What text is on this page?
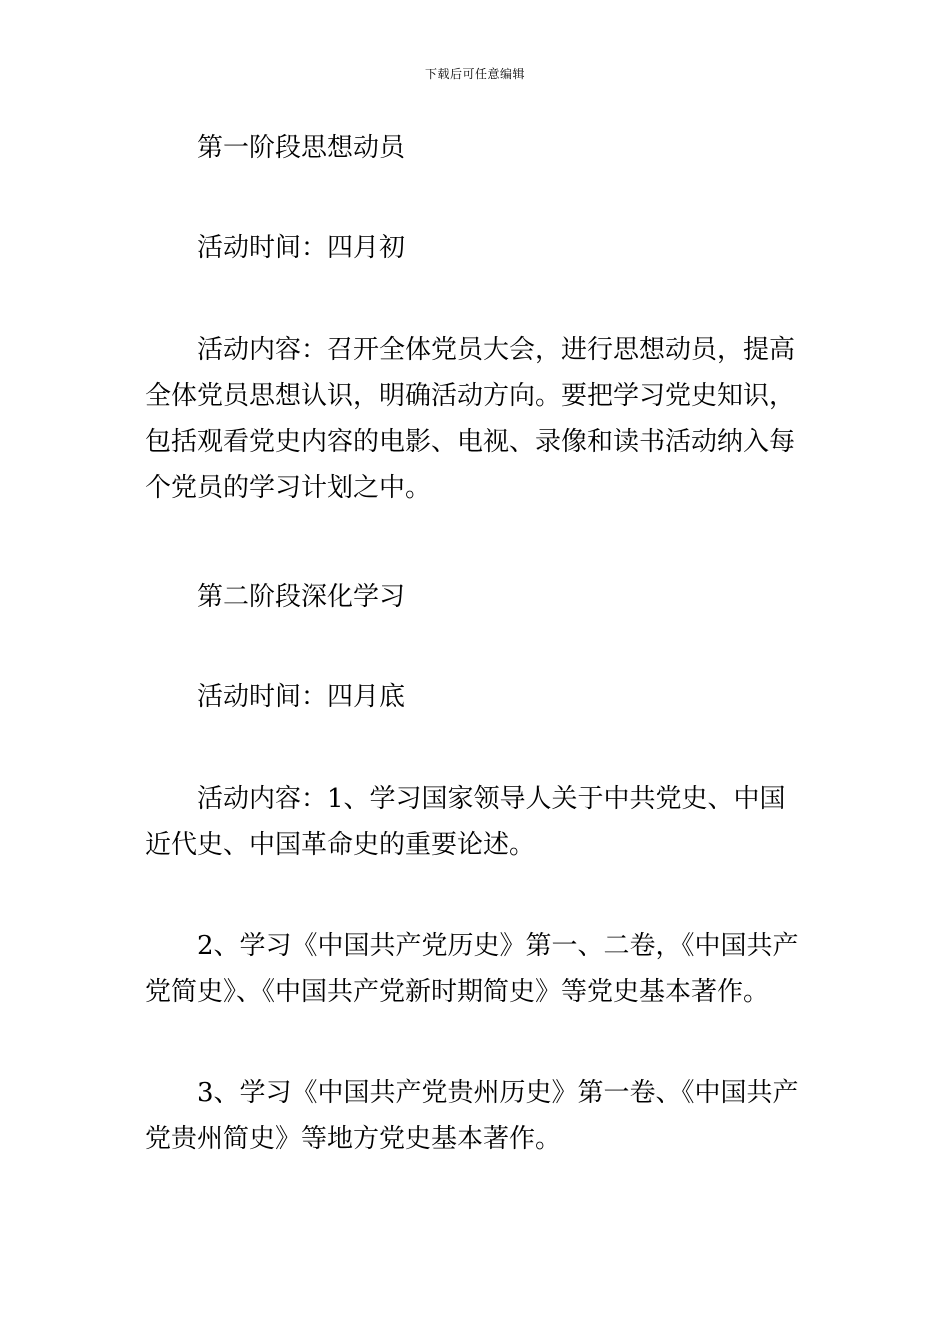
下载后可任意编辑

第一阶段思想动员

活动时间：四月初

活动内容：召开全体党员大会，进行思想动员，提高全体党员思想认识，明确活动方向。要把学习党史知识，包括观看党史内容的电影、电视、录像和读书活动纳入每个党员的学习计划之中。

第二阶段深化学习

活动时间：四月底

活动内容：1、学习国家领导人关于中共党史、中国近代史、中国革命史的重要论述。

2、学习《中国共产党历史》第一、二卷，《中国共产党简史》、《中国共产党新时期简史》等党史基本著作。

3、学习《中国共产党贵州历史》第一卷、《中国共产党贵州简史》等地方党史基本著作。
